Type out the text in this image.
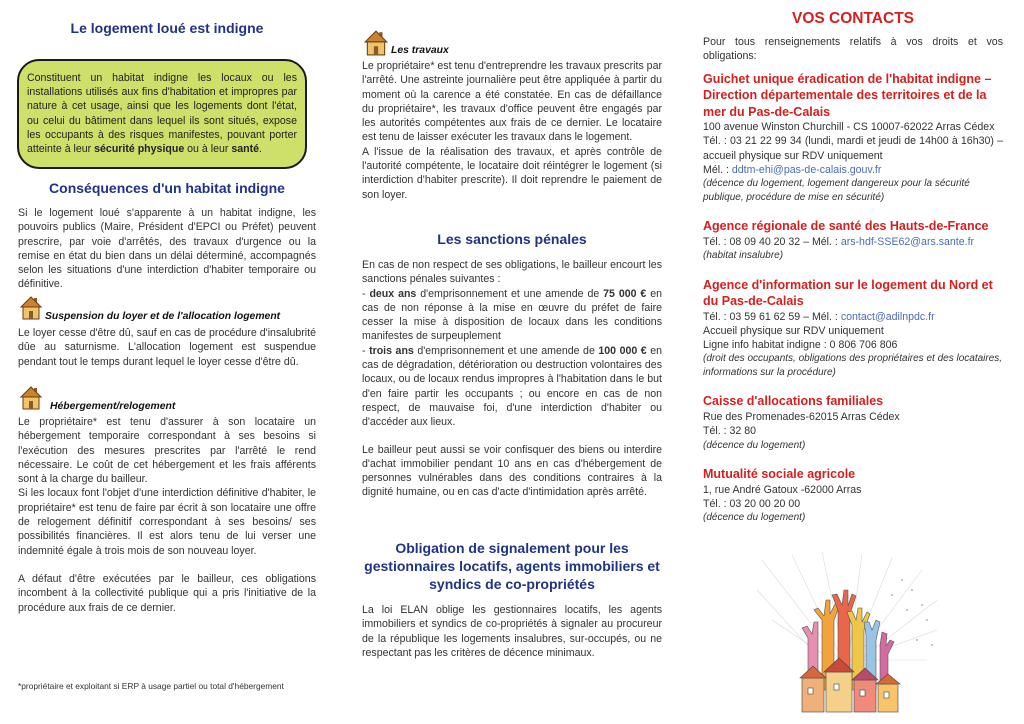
Le logement loué est indigne
Constituent un habitat indigne les locaux ou les installations utilisés aux fins d'habitation et impropres par nature à cet usage, ainsi que les logements dont l'état, ou celui du bâtiment dans lequel ils sont situés, expose les occupants à des risques manifestes, pouvant porter atteinte à leur sécurité physique ou à leur santé.
Conséquences d'un habitat indigne

Si le logement loué s'apparente à un habitat indigne, les pouvoirs publics (Maire, Président d'EPCI ou Préfet) peuvent prescrire, par voie d'arrêtés, des travaux d'urgence ou la remise en état du bien dans un délai déterminé, accompagnés selon les situations d'une interdiction d'habiter temporaire ou définitive.

Suspension du loyer et de l'allocation logement

Le loyer cesse d'être dû, sauf en cas de procédure d'insalubrité dûe au saturnisme. L'allocation logement est suspendue pendant tout le temps durant lequel le loyer cesse d'être dû.

Hébergement/relogement

Le propriétaire* est tenu d'assurer à son locataire un hébergement temporaire correspondant à ses besoins si l'exécution des mesures prescrites par l'arrêté le rend nécessaire. Le coût de cet hébergement et les frais afférents sont à la charge du bailleur.

Si les locaux font l'objet d'une interdiction définitive d'habiter, le propriétaire* est tenu de faire par écrit à son locataire une offre de relogement définitif correspondant à ses besoins/ ses possibilités financières. Il est alors tenu de lui verser une indemnité égale à trois mois de son nouveau loyer.

A défaut d'être exécutées par le bailleur, ces obligations incombent à la collectivité publique qui a pris l'initiative de la procédure aux frais de ce dernier.

*propriétaire et exploitant si ERP à usage partiel ou total d'hébergement

Les travaux

Le propriétaire* est tenu d'entreprendre les travaux prescrits par l'arrêté. Une astreinte journalière peut être appliquée à partir du moment où la carence a été constatée. En cas de défaillance du propriétaire*, les travaux d'office peuvent être engagés par les autorités compétentes aux frais de ce dernier. Le locataire est tenu de laisser exécuter les travaux dans le logement.

A l'issue de la réalisation des travaux, et après contrôle de l'autorité compétente, le locataire doit réintégrer le logement (si interdiction d'habiter prescrite). Il doit reprendre le paiement de son loyer.

Les sanctions pénales

En cas de non respect de ses obligations, le bailleur encourt les sanctions pénales suivantes :

- deux ans d'emprisonnement et une amende de 75 000 € en cas de non réponse à la mise en œuvre du préfet de faire cesser la mise à disposition de locaux dans les conditions manifestes de surpeuplement

- trois ans d'emprisonnement et une amende de 100 000 € en cas de dégradation, détérioration ou destruction volontaires des locaux, ou de locaux rendus impropres à l'habitation dans le but d'en faire partir les occupants ; ou encore en cas de non respect, de mauvaise foi, d'une interdiction d'habiter ou d'accéder aux lieux.

Le bailleur peut aussi se voir confisquer des biens ou interdire d'achat immobilier pendant 10 ans en cas d'hébergement de personnes vulnérables dans des conditions contraires à la dignité humaine, ou en cas d'acte d'intimidation après arrêté.

Obligation de signalement pour les gestionnaires locatifs, agents immobiliers et syndics de co-propriétés

La loi ELAN oblige les gestionnaires locatifs, les agents immobiliers et syndics de co-propriétés à signaler au procureur de la république les logements insalubres, sur-occupés, ou ne respectant pas les critères de décence minimaux.

VOS CONTACTS

Pour tous renseignements relatifs à vos droits et vos obligations:

Guichet unique éradication de l'habitat indigne – Direction départementale des territoires et de la mer du Pas-de-Calais

100 avenue Winston Churchill - CS 10007-62022 Arras Cédex

Tél. : 03 21 22 99 34 (lundi, mardi et jeudi de 14h00 à 16h30) – accueil physique sur RDV uniquement

Mél. : ddtm-ehi@pas-de-calais.gouv.fr

(décence du logement, logement dangereux pour la sécurité publique, procédure de mise en sécurité)

Agence régionale de santé des Hauts-de-France

Tél. : 08 09 40 20 32 – Mél. : ars-hdf-SSE62@ars.sante.fr

(habitat insalubre)

Agence d'information sur le logement du Nord et du Pas-de-Calais

Tél. : 03 59 61 62 59 – Mél. : contact@adilnpdc.fr

Accueil physique sur RDV uniquement

Ligne info habitat indigne : 0 806 706 806

(droit des occupants, obligations des propriétaires et des locataires, informations sur la procédure)

Caisse d'allocations familiales

Rue des Promenades-62015 Arras Cédex

Tél. : 32 80

(décence du logement)

Mutualité sociale agricole

1, rue André Gatoux -62000 Arras

Tél. : 03 20 00 20 00

(décence du logement)
